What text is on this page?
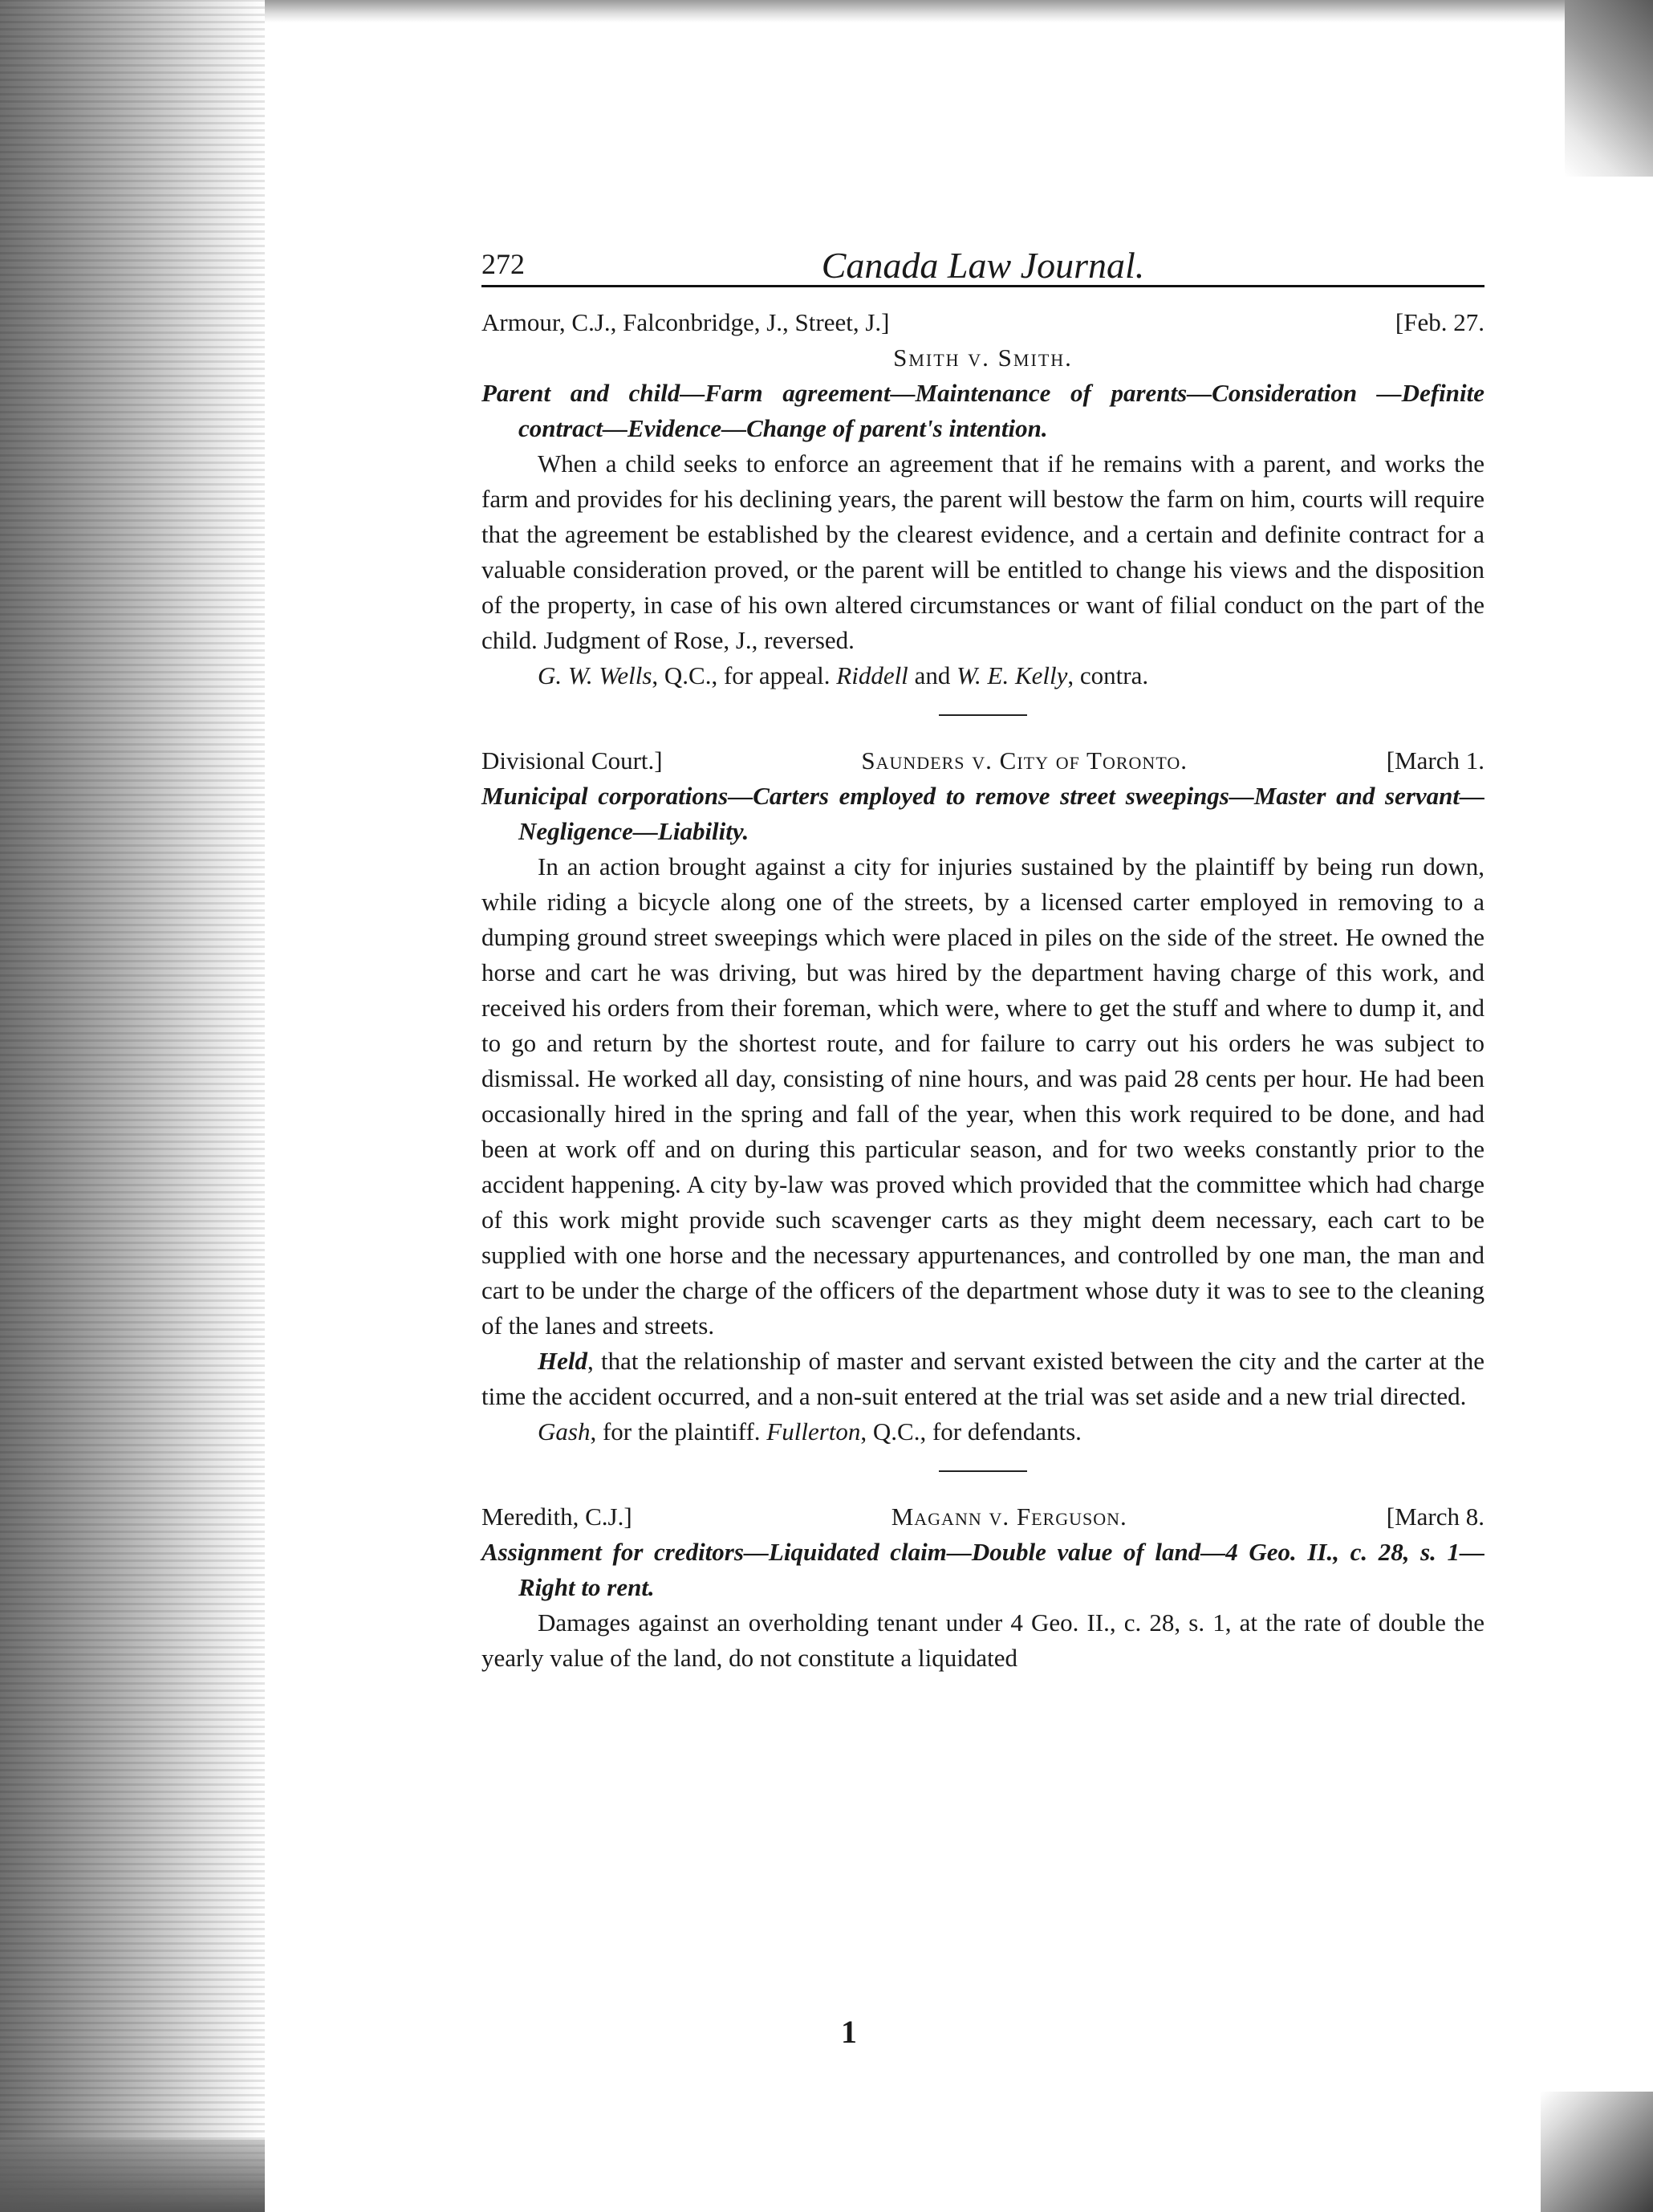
272	Canada Law Journal.
Armour, C.J., Falconbridge, J., Street, J.]	[Feb. 27.
Smith v. Smith.
Parent and child—Farm agreement—Maintenance of parents—Consideration —Definite contract—Evidence—Change of parent's intention.
When a child seeks to enforce an agreement that if he remains with a parent, and works the farm and provides for his declining years, the parent will bestow the farm on him, courts will require that the agreement be established by the clearest evidence, and a certain and definite contract for a valuable consideration proved, or the parent will be entitled to change his views and the disposition of the property, in case of his own altered circumstances or want of filial conduct on the part of the child. Judgment of Rose, J., reversed.
G. W. Wells, Q.C., for appeal. Riddell and W. E. Kelly, contra.
Divisional Court.]	Saunders v. City of Toronto.	[March 1.
Municipal corporations—Carters employed to remove street sweepings—Master and servant—Negligence—Liability.
In an action brought against a city for injuries sustained by the plaintiff by being run down, while riding a bicycle along one of the streets, by a licensed carter employed in removing to a dumping ground street sweepings which were placed in piles on the side of the street. He owned the horse and cart he was driving, but was hired by the department having charge of this work, and received his orders from their foreman, which were, where to get the stuff and where to dump it, and to go and return by the shortest route, and for failure to carry out his orders he was subject to dismissal. He worked all day, consisting of nine hours, and was paid 28 cents per hour. He had been occasionally hired in the spring and fall of the year, when this work required to be done, and had been at work off and on during this particular season, and for two weeks constantly prior to the accident happening. A city by-law was proved which provided that the committee which had charge of this work might provide such scavenger carts as they might deem necessary, each cart to be supplied with one horse and the necessary appurtenances, and controlled by one man, the man and cart to be under the charge of the officers of the department whose duty it was to see to the cleaning of the lanes and streets.
Held, that the relationship of master and servant existed between the city and the carter at the time the accident occurred, and a non-suit entered at the trial was set aside and a new trial directed.
Gash, for the plaintiff. Fullerton, Q.C., for defendants.
Meredith, C.J.]	Magann v. Ferguson.	[March 8.
Assignment for creditors—Liquidated claim—Double value of land—4 Geo. II., c. 28, s. 1—Right to rent.
Damages against an overholding tenant under 4 Geo. II., c. 28, s. 1, at the rate of double the yearly value of the land, do not constitute a liquidated
1
